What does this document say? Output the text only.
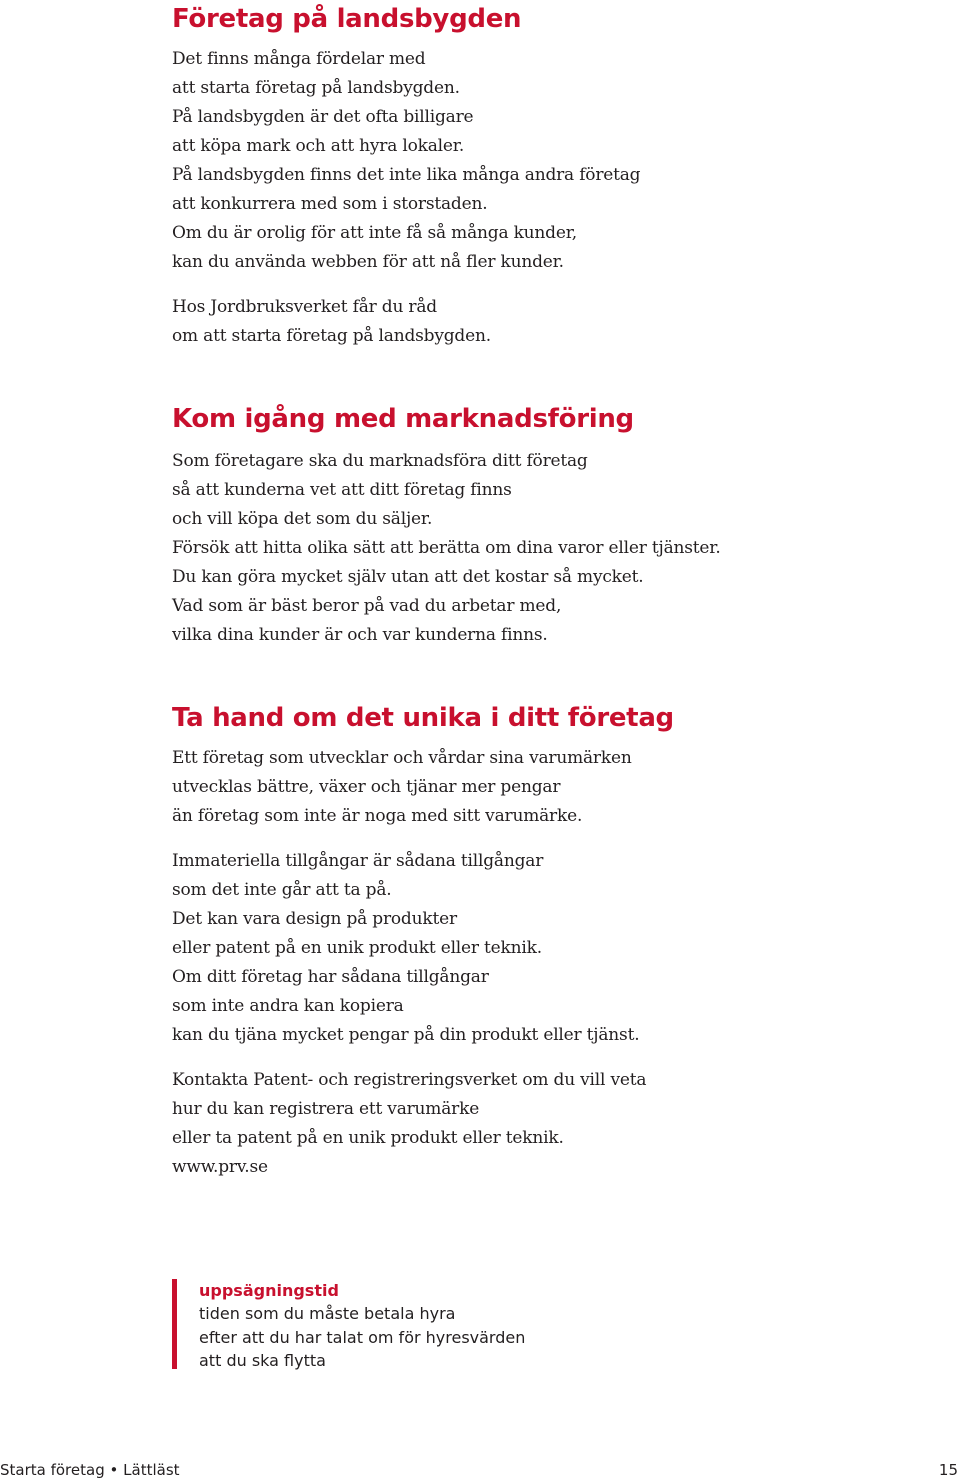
Företag på landsbygden
Det finns många fördelar med
att starta företag på landsbygden.
På landsbygden är det ofta billigare
att köpa mark och att hyra lokaler.
På landsbygden finns det inte lika många andra företag
att konkurrera med som i storstaden.
Om du är orolig för att inte få så många kunder,
kan du använda webben för att nå fler kunder.
Hos Jordbruksverket får du råd
om att starta företag på landsbygden.
Kom igång med marknadsföring
Som företagare ska du marknadsföra ditt företag
så att kunderna vet att ditt företag finns
och vill köpa det som du säljer.
Försök att hitta olika sätt att berätta om dina varor eller tjänster.
Du kan göra mycket själv utan att det kostar så mycket.
Vad som är bäst beror på vad du arbetar med,
vilka dina kunder är och var kunderna finns.
Ta hand om det unika i ditt företag
Ett företag som utvecklar och vårdar sina varumärken
utvecklas bättre, växer och tjänar mer pengar
än företag som inte är noga med sitt varumärke.
Immateriella tillgångar är sådana tillgångar
som det inte går att ta på.
Det kan vara design på produkter
eller patent på en unik produkt eller teknik.
Om ditt företag har sådana tillgångar
som inte andra kan kopiera
kan du tjäna mycket pengar på din produkt eller tjänst.
Kontakta Patent- och registreringsverket om du vill veta
hur du kan registrera ett varumärke
eller ta patent på en unik produkt eller teknik.
www.prv.se
uppsägningstid
tiden som du måste betala hyra
efter att du har talat om för hyresvärden
att du ska flytta
Starta företag • Lättläst	15
